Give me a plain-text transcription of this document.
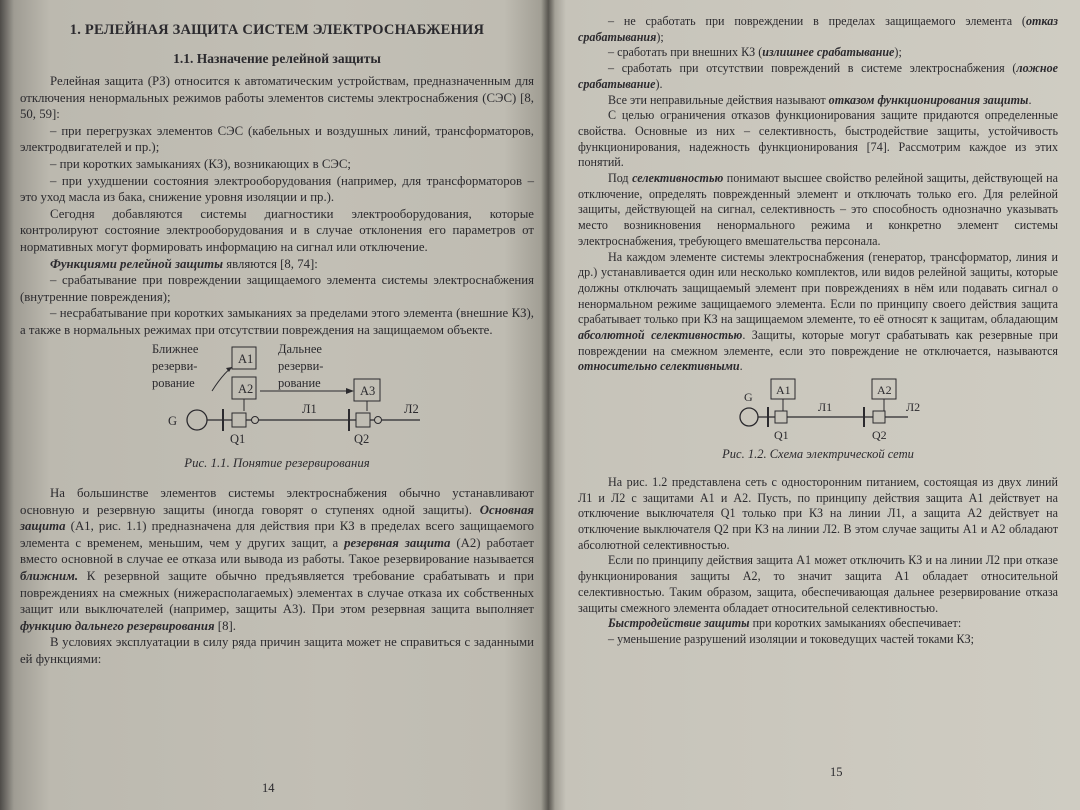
1. РЕЛЕЙНАЯ ЗАЩИТА СИСТЕМ ЭЛЕКТРОСНАБЖЕНИЯ
1.1. Назначение релейной защиты

Релейная защита (РЗ) относится к автоматическим устройствам, предназначенным для отключения ненормальных режимов работы элементов системы электроснабжения (СЭС) [8, 50, 59]:

– при перегрузках элементов СЭС (кабельных и воздушных линий, трансформаторов, электродвигателей и пр.);

– при коротких замыканиях (КЗ), возникающих в СЭС;

– при ухудшении состояния электрооборудования (например, для трансформаторов – это уход масла из бака, снижение уровня изоляции и пр.).

Сегодня добавляются системы диагностики электрооборудования, которые контролируют состояние электрооборудования и в случае отклонения его параметров от нормативных могут формировать информацию на сигнал или отключение.

Функциями релейной защиты являются [8, 74]:

– срабатывание при повреждении защищаемого элемента системы электроснабжения (внутренние повреждения);

– несрабатывание при коротких замыканиях за пределами этого элемента (внешние КЗ), а также в нормальных режимах при отсутствии повреждения на защищаемом объекте.

Ближнее
резерви-
рование
А1
А2
Дальнее
резерви-
рование
А3
G
Л1	Л2
Q1	Q2

Рис. 1.1. Понятие резервирования

На большинстве элементов системы электроснабжения обычно устанавливают основную и резервную защиты (иногда говорят о ступенях одной защиты). Основная защита (А1, рис. 1.1) предназначена для действия при КЗ в пределах всего защищаемого элемента с временем, меньшим, чем у других защит, а резервная защита (А2) работает вместо основной в случае ее отказа или вывода из работы. Такое резервирование называется ближним. К резервной защите обычно предъявляется требование срабатывать и при повреждениях на смежных (нижерасполагаемых) элементах в случае отказа их собственных защит или выключателей (например, защиты А3). При этом резервная защита выполняет функцию дальнего резервирования [8].

В условиях эксплуатации в силу ряда причин защита может не справиться с заданными ей функциями:

14

– не сработать при повреждении в пределах защищаемого элемента (отказ срабатывания);

– сработать при внешних КЗ (излишнее срабатывание);

– сработать при отсутствии повреждений в системе электроснабжения (ложное срабатывание).

Все эти неправильные действия называют отказом функционирования защиты.

С целью ограничения отказов функционирования защите придаются определенные свойства. Основные из них – селективность, быстродействие защиты, устойчивость функционирования, надежность функционирования [74]. Рассмотрим каждое из этих понятий.

Под селективностью понимают высшее свойство релейной защиты, действующей на отключение, определять поврежденный элемент и отключать только его. Для релейной защиты, действующей на сигнал, селективность – это способность однозначно указывать место возникновения ненормального режима и конкретно элемент системы электроснабжения, требующего вмешательства персонала.

На каждом элементе системы электроснабжения (генератор, трансформатор, линия и др.) устанавливается один или несколько комплектов, или видов релейной защиты, которые должны отключать защищаемый элемент при повреждениях в нём или подавать сигнал о ненормальном режиме защищаемого элемента. Если по принципу своего действия защита срабатывает только при КЗ на защищаемом элементе, то её относят к защитам, обладающим абсолютной селективностью. Защиты, которые могут срабатывать как резервные при повреждении на смежном элементе, если это повреждение не отключается, называются относительно селективными.

А1	А2
G
Л1	Л2
Q1	Q2

Рис. 1.2. Схема электрической сети

На рис. 1.2 представлена сеть с односторонним питанием, состоящая из двух линий Л1 и Л2 с защитами А1 и А2. Пусть, по принципу действия защита А1 действует на отключение выключателя Q1 только при КЗ на линии Л1, а защита А2 действует на отключение выключателя Q2 при КЗ на линии Л2. В этом случае защиты А1 и А2 обладают абсолютной селективностью.

Если по принципу действия защита А1 может отключить КЗ и на линии Л2 при отказе функционирования защиты А2, то значит защита А1 обладает относительной селективностью. Таким образом, защита, обеспечивающая дальнее резервирование отказа защиты смежного элемента обладает относительной селективностью.

Быстродействие защиты при коротких замыканиях обеспечивает:

– уменьшение разрушений изоляции и токоведущих частей токами КЗ;

15
